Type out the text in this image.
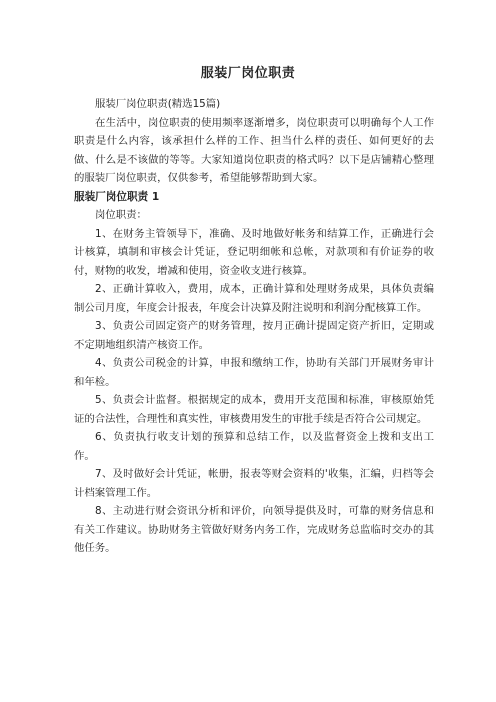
服装厂岗位职责

服装厂岗位职责(精选15篇)

在生活中，岗位职责的使用频率逐渐增多，岗位职责可以明确每个人工作职责是什么内容，该承担什么样的工作、担当什么样的责任、如何更好的去做、什么是不该做的等等。大家知道岗位职责的格式吗？以下是店铺精心整理的服装厂岗位职责，仅供参考，希望能够帮助到大家。

服装厂岗位职责 1

岗位职责：

1、在财务主管领导下，准确、及时地做好帐务和结算工作，正确进行会计核算，填制和审核会计凭证，登记明细帐和总帐，对款项和有价证券的收付，财物的收发，增减和使用，资金收支进行核算。

2、正确计算收入，费用，成本，正确计算和处理财务成果，具体负责编制公司月度，年度会计报表，年度会计决算及附注说明和利润分配核算工作。

3、负责公司固定资产的财务管理，按月正确计提固定资产折旧，定期或不定期地组织清产核资工作。

4、负责公司税金的计算，申报和缴纳工作，协助有关部门开展财务审计和年检。

5、负责会计监督。根据规定的成本，费用开支范围和标准，审核原始凭证的合法性，合理性和真实性，审核费用发生的审批手续是否符合公司规定。

6、负责执行收支计划的预算和总结工作，以及监督资金上拨和支出工作。

7、及时做好会计凭证，帐册，报表等财会资料的'收集，汇编，归档等会计档案管理工作。

8、主动进行财会资讯分析和评价，向领导提供及时，可靠的财务信息和有关工作建议。协助财务主管做好财务内务工作，完成财务总监临时交办的其他任务。
